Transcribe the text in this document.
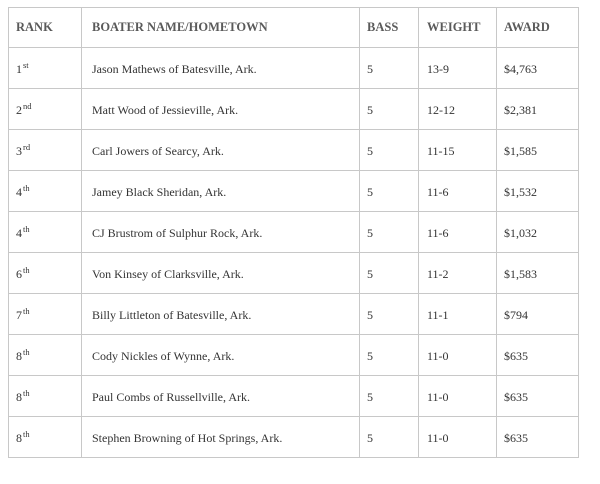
RANK	BOATER NAME/HOMETOWN	BASS	WEIGHT	AWARD
1st	Jason Mathews of Batesville, Ark.	5	13-9	$4,763
2nd	Matt Wood of Jessieville, Ark.	5	12-12	$2,381
3rd	Carl Jowers of Searcy, Ark.	5	11-15	$1,585
4th	Jamey Black Sheridan, Ark.	5	11-6	$1,532
4th	CJ Brustrom of Sulphur Rock, Ark.	5	11-6	$1,032
6th	Von Kinsey of Clarksville, Ark.	5	11-2	$1,583
7th	Billy Littleton of Batesville, Ark.	5	11-1	$794
8th	Cody Nickles of Wynne, Ark.	5	11-0	$635
8th	Paul Combs of Russellville, Ark.	5	11-0	$635
8th	Stephen Browning of Hot Springs, Ark.	5	11-0	$635
